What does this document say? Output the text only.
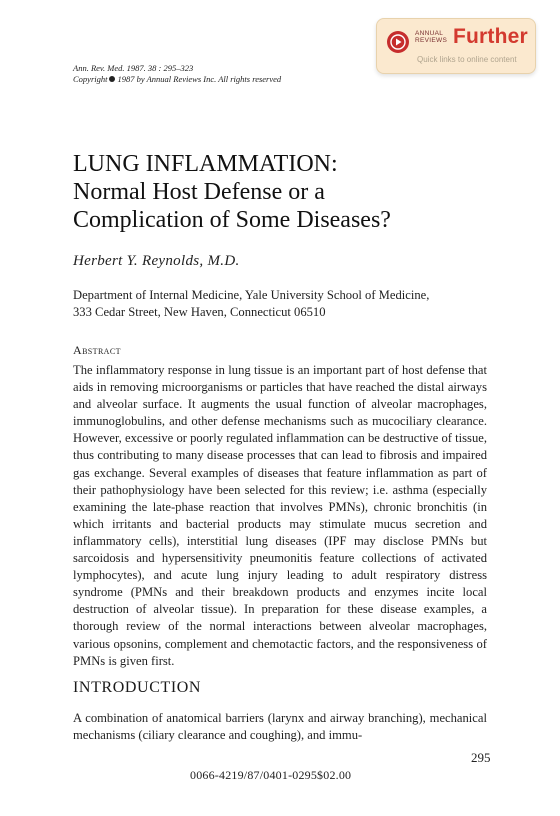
ANNUAL
REVIEWS Further
Quick links to online content
Ann. Rev. Med. 1987. 38 : 295–323
Copyright 1987 by Annual Reviews Inc. All rights reserved
LUNG INFLAMMATION:
Normal Host Defense or a
Complication of Some Diseases?
Herbert Y. Reynolds, M.D.
Department of Internal Medicine, Yale University School of Medicine,
333 Cedar Street, New Haven, Connecticut 06510
Abstract

The inflammatory response in lung tissue is an important part of host defense that aids in removing microorganisms or particles that have reached the distal airways and alveolar surface. It augments the usual function of alveolar macrophages, immunoglobulins, and other defense mechanisms such as mucociliary clearance. However, excessive or poorly regulated inflammation can be destructive of tissue, thus contributing to many disease processes that can lead to fibrosis and impaired gas exchange. Several examples of diseases that feature inflammation as part of their pathophysiology have been selected for this review; i.e. asthma (especially examining the late-phase reaction that involves PMNs), chronic bronchitis (in which irritants and bacterial products may stimulate mucus secretion and inflammatory cells), interstitial lung diseases (IPF may disclose PMNs but sarcoidosis and hypersensitivity pneumonitis feature collections of activated lymphocytes), and acute lung injury leading to adult respiratory distress syndrome (PMNs and their breakdown products and enzymes incite local destruction of alveolar tissue). In preparation for these disease examples, a thorough review of the normal interactions between alveolar macrophages, various opsonins, complement and chemotactic factors, and the responsiveness of PMNs is given first.

INTRODUCTION

A combination of anatomical barriers (larynx and airway branching), mechanical mechanisms (ciliary clearance and coughing), and immu-

295
0066-4219/87/0401-0295$02.00
